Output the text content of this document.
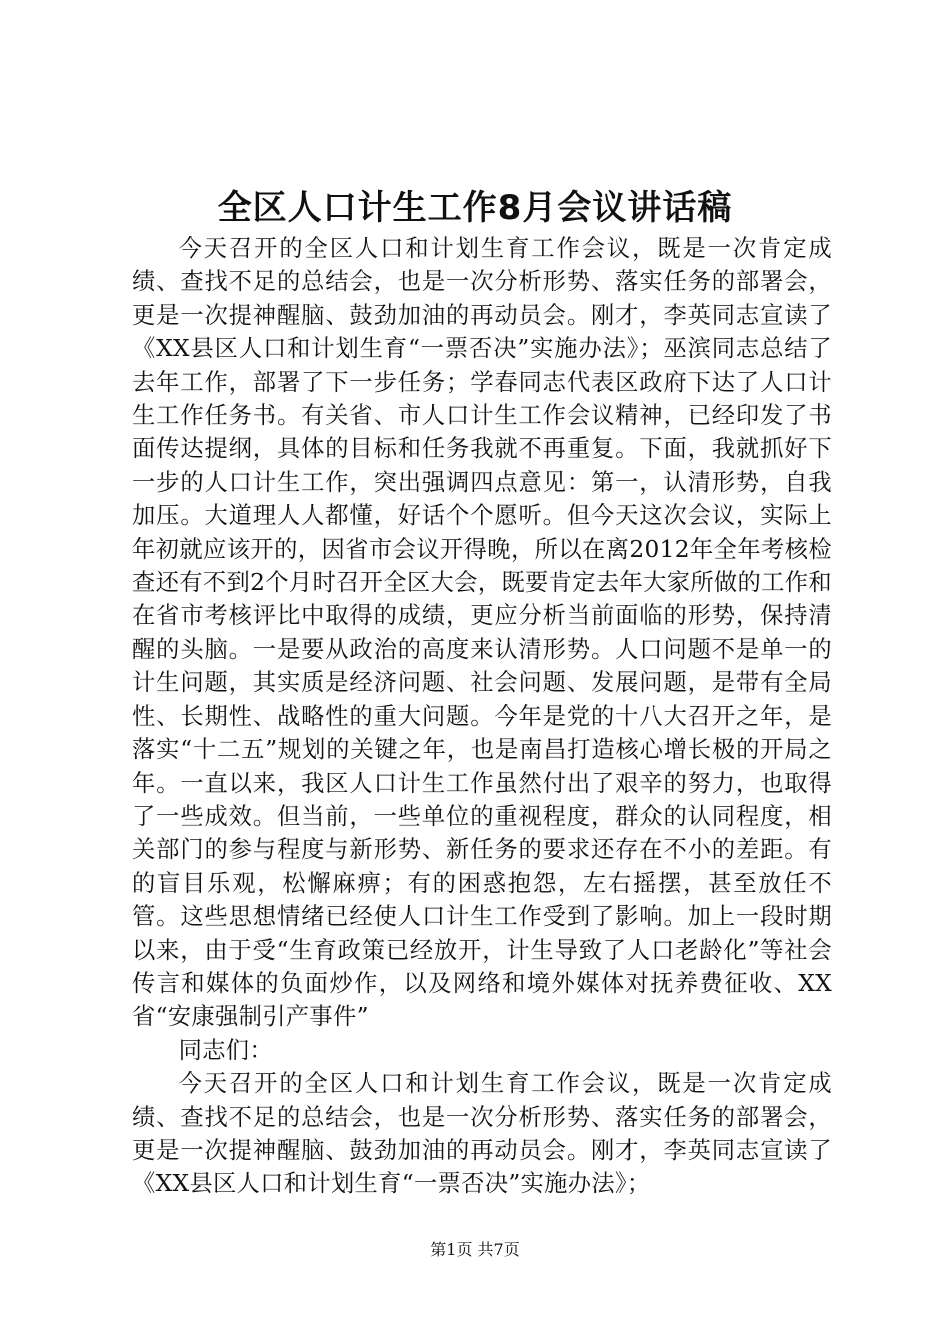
全区人口计生工作8月会议讲话稿

今天召开的全区人口和计划生育工作会议，既是一次肯定成绩、查找不足的总结会，也是一次分析形势、落实任务的部署会，更是一次提神醒脑、鼓劲加油的再动员会。刚才，李英同志宣读了《XX县区人口和计划生育“一票否决”实施办法》；巫滨同志总结了去年工作，部署了下一步任务；学春同志代表区政府下达了人口计生工作任务书。有关省、市人口计生工作会议精神，已经印发了书面传达提纲，具体的目标和任务我就不再重复。下面，我就抓好下一步的人口计生工作，突出强调四点意见：第一，认清形势，自我加压。大道理人人都懂，好话个个愿听。但今天这次会议，实际上年初就应该开的，因省市会议开得晚，所以在离2012年全年考核检查还有不到2个月时召开全区大会，既要肯定去年大家所做的工作和在省市考核评比中取得的成绩，更应分析当前面临的形势，保持清醒的头脑。一是要从政治的高度来认清形势。人口问题不是单一的计生问题，其实质是经济问题、社会问题、发展问题，是带有全局性、长期性、战略性的重大问题。今年是党的十八大召开之年，是落实“十二五”规划的关键之年，也是南昌打造核心增长极的开局之年。一直以来，我区人口计生工作虽然付出了艰辛的努力，也取得了一些成效。但当前，一些单位的重视程度，群众的认同程度，相关部门的参与程度与新形势、新任务的要求还存在不小的差距。有的盲目乐观，松懈麻痹；有的困惑抱怨，左右摇摆，甚至放任不管。这些思想情绪已经使人口计生工作受到了影响。加上一段时期以来，由于受“生育政策已经放开，计生导致了人口老龄化”等社会传言和媒体的负面炒作，以及网络和境外媒体对抚养费征收、XX省“安康强制引产事件”

同志们：

今天召开的全区人口和计划生育工作会议，既是一次肯定成绩、查找不足的总结会，也是一次分析形势、落实任务的部署会，更是一次提神醒脑、鼓劲加油的再动员会。刚才，李英同志宣读了《XX县区人口和计划生育“一票否决”实施办法》；

第1页 共7页
